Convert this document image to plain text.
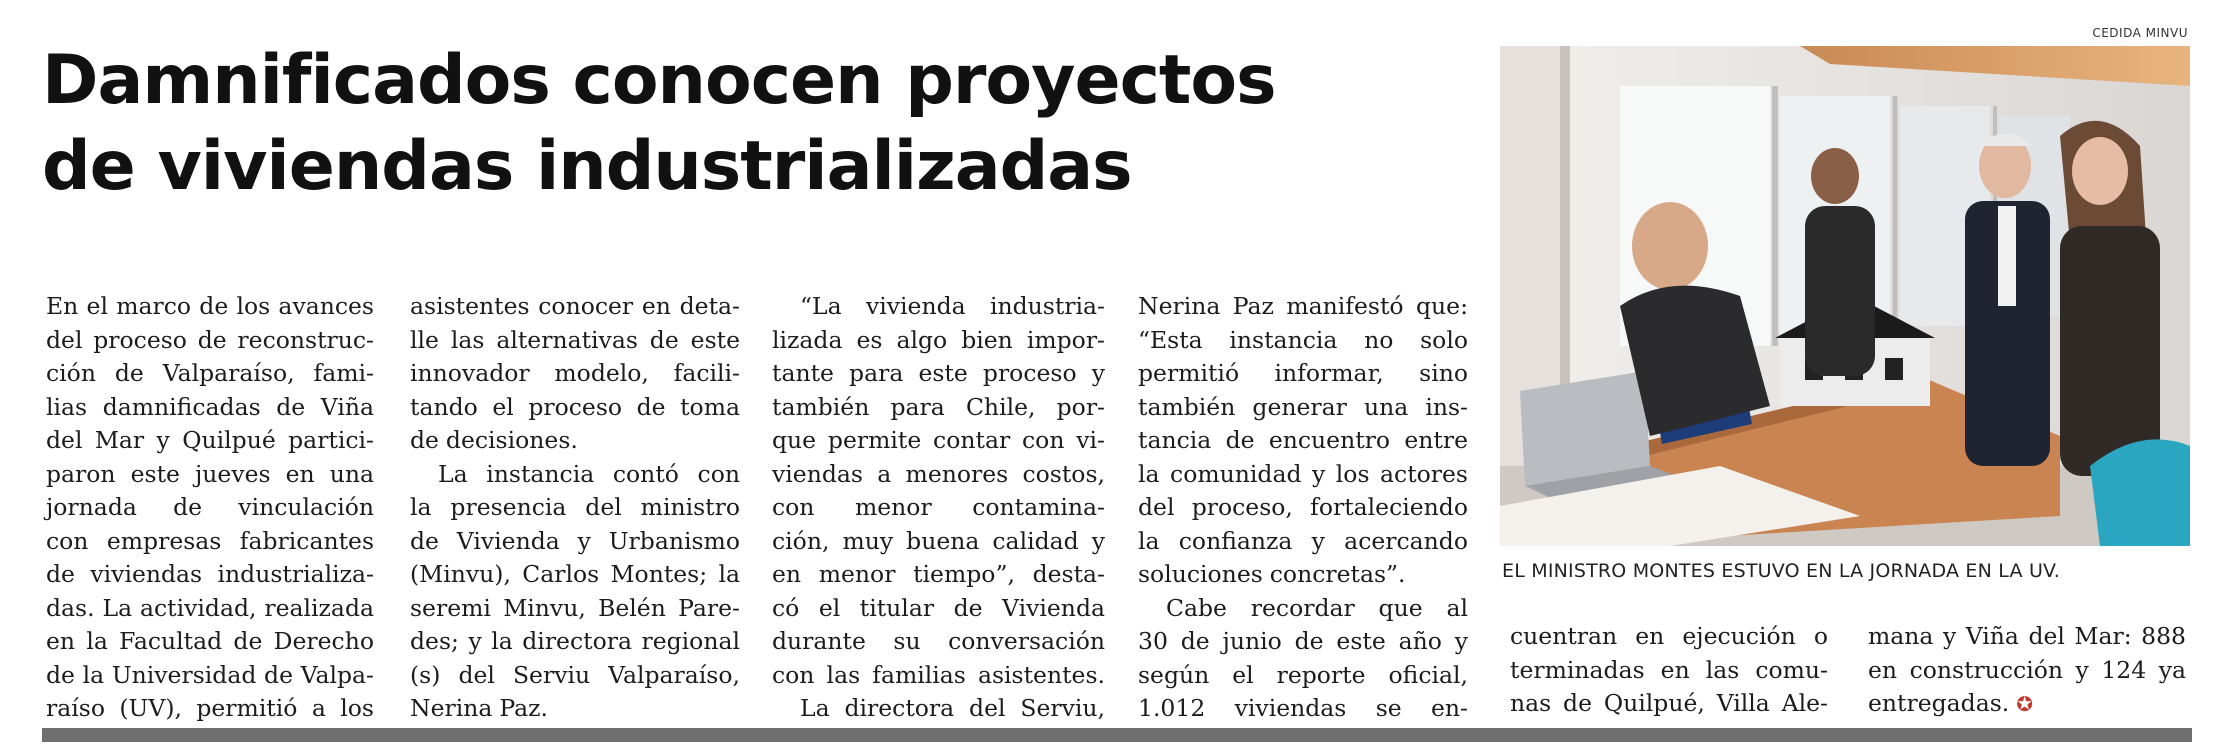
CEDIDA MINVU
Damnificados conocen proyectos
de viviendas industrializadas

En el marco de los avances
del proceso de reconstruc-
ción de Valparaíso, fami-
lias damnificadas de Viña
del Mar y Quilpué partici-
paron este jueves en una
jornada de vinculación
con empresas fabricantes
de viviendas industrializa-
das. La actividad, realizada
en la Facultad de Derecho
de la Universidad de Valpa-
raíso (UV), permitió a los

asistentes conocer en deta-
lle las alternativas de este
innovador modelo, facili-
tando el proceso de toma
de decisiones.

La instancia contó con
la presencia del ministro
de Vivienda y Urbanismo
(Minvu), Carlos Montes; la
seremi Minvu, Belén Pare-
des; y la directora regional
(s) del Serviu Valparaíso,
Nerina Paz.

“La vivienda industria-
lizada es algo bien impor-
tante para este proceso y
también para Chile, por-
que permite contar con vi-
viendas a menores costos,
con menor contamina-
ción, muy buena calidad y
en menor tiempo”, desta-
có el titular de Vivienda
durante su conversación
con las familias asistentes.

La directora del Serviu,

Nerina Paz manifestó que:
“Esta instancia no solo
permitió informar, sino
también generar una ins-
tancia de encuentro entre
la comunidad y los actores
del proceso, fortaleciendo
la confianza y acercando
soluciones concretas”.

Cabe recordar que al
30 de junio de este año y
según el reporte oficial,
1.012 viviendas se en-

cuentran en ejecución o
terminadas en las comu-
nas de Quilpué, Villa Ale-

mana y Viña del Mar: 888
en construcción y 124 ya
entregadas. ✪

EL MINISTRO MONTES ESTUVO EN LA JORNADA EN LA UV.
